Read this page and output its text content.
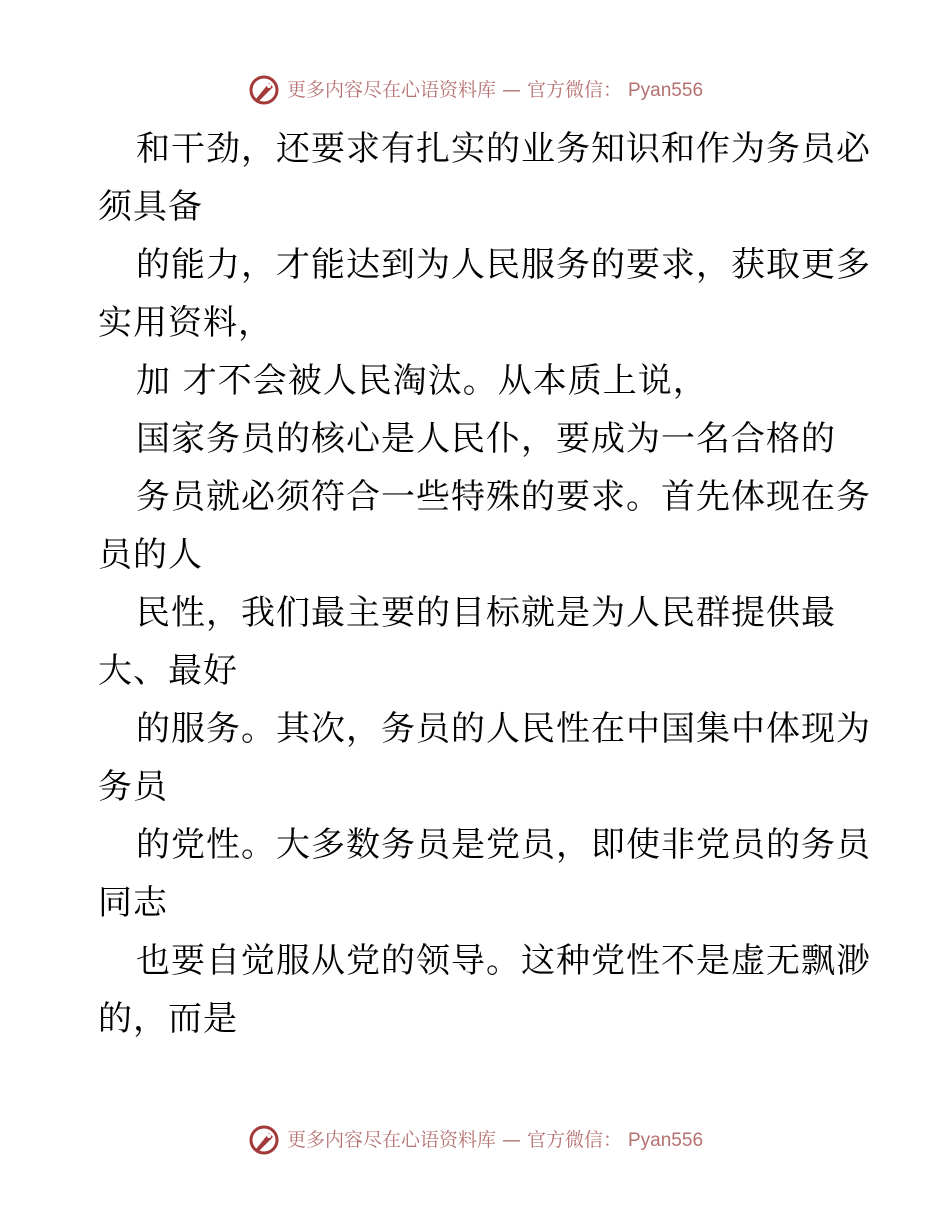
更多内容尽在心语资料库 — 官方微信： Pyan556
和干劲，还要求有扎实的业务知识和作为务员必
须具备
的能力，才能达到为人民服务的要求，获取更多
实用资料，
加 才不会被人民淘汰。从本质上说，
国家务员的核心是人民仆，要成为一名合格的
务员就必须符合一些特殊的要求。首先体现在务
员的人
民性，我们最主要的目标就是为人民群提供最
大、最好
的服务。其次，务员的人民性在中国集中体现为
务员
的党性。大多数务员是党员，即使非党员的务员
同志
也要自觉服从党的领导。这种党性不是虚无飘渺
的，而是
更多内容尽在心语资料库 — 官方微信： Pyan556
